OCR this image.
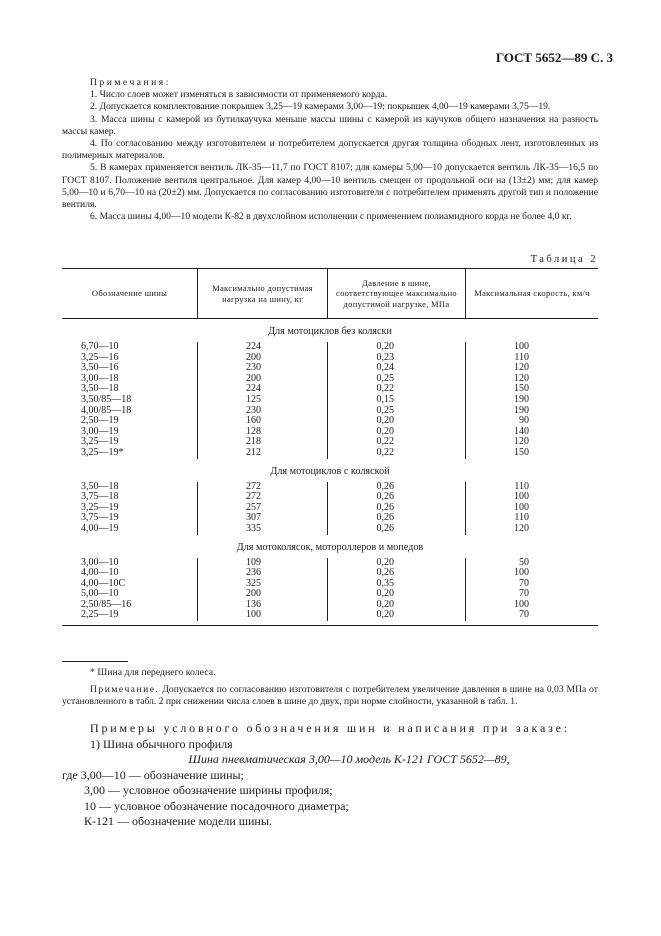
ГОСТ 5652—89 С. 3

Примечания:

1. Число слоев может изменяться в зависимости от применяемого корда.

2. Допускается комплектование покрышек 3,25—19 камерами 3,00—19; покрышек 4,00—19 камерами 3,75—19.

3. Масса шины с камерой из бутилкаучука меньше массы шины с камерой из каучуков общего назначения на разность массы камер.

4. По согласованию между изготовителем и потребителем допускается другая толщина ободных лент, изготовленных из полимерных материалов.

5. В камерах применяется вентиль ЛК-35—11,7 по ГОСТ 8107; для камеры 5,00—10 допускается вентиль ЛК-35—16,5 по ГОСТ 8107. Положение вентиля центральное. Для камер 4,00—10 вентиль смещен от продольной оси на (13±2) мм; для камер 5,00—10 и 6,70—10 на (20±2) мм. Допускается по согласованию изготовителя с потребителем применять другой тип и положение вентиля.

6. Масса шины 4,00—10 модели К-82 в двухслойном исполнении с применением полиамидного корда не более 4,0 кг.

Таблица 2
Обозначение шины
Максимально допустимая нагрузка на шину, кг
Давление в шине, соответствующее максимально допустимой нагрузке, МПа
Максимальная скорость, км/ч
Для мотоциклов без коляски
6,70—10
3,25—16
3,50—16
3,00—18
3,50—18
3,50/85—18
4,00/85—18
2,50—19
3,00—19
3,25—19
3,25—19*
224
200
230
200
224
125
230
160
128
218
212
0,20
0,23
0,24
0,25
0,22
0,15
0,25
0,20
0,20
0,22
0,22
100
110
120
120
150
190
190
90
140
120
150
Для мотоциклов с коляской
3,50—18
3,75—18
3,25—19
3,75—19
4,00—19
272
272
257
307
335
0,26
0,26
0,26
0,26
0,26
110
100
100
110
120
Для мотоколясок, мотороллеров и мопедов
3,00—10
4,00—10
4,00—10С
5,00—10
2,50/85—16
2,25—19
109
236
325
200
136
100
0,20
0,26
0,35
0,20
0,20
0,20
50
100
70
70
100
70
* Шина для переднего колеса.
Примечание. Допускается по согласованию изготовителя с потребителем увеличение давления в шине на 0,03 МПа от установленного в табл. 2 при снижении числа слоев в шине до двух, при норме слойности, указанной в табл. 1.
Примеры условного обозначения шин и написания при заказе:
1) Шина обычного профиля
Шина пневматическая 3,00—10 модель К-121 ГОСТ 5652—89,
где 3,00—10 — обозначение шины;
3,00 — условное обозначение ширины профиля;
10 — условное обозначение посадочного диаметра;
К-121 — обозначение модели шины.
